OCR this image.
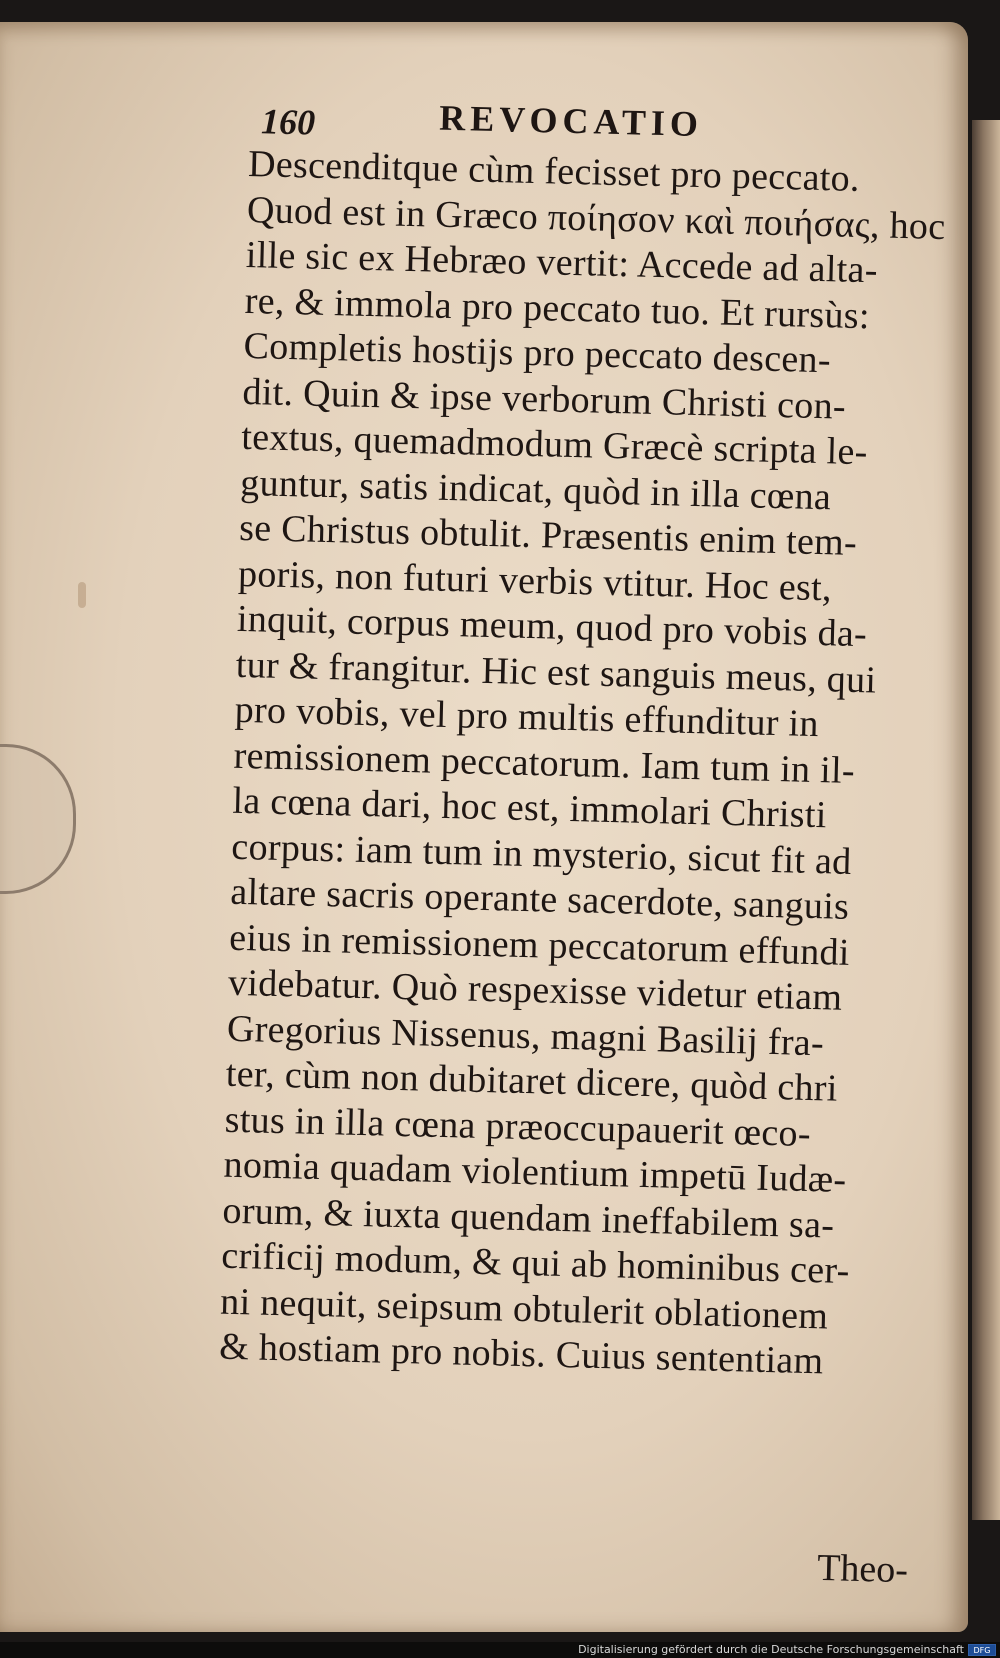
160	REVOCATIO
Descenditque cùm fecisset pro peccato.
Quod est in Græco ποίησον καὶ ποιήσας, hoc
ille sic ex Hebræo vertit: Accede ad alta-
re, & immola pro peccato tuo. Et rursùs:
Completis hostijs pro peccato descen-
dit. Quin & ipse verborum Christi con-
textus, quemadmodum Græcè scripta le-
guntur, satis indicat, quòd in illa cœna
se Christus obtulit. Præsentis enim tem-
poris, non futuri verbis vtitur. Hoc est,
inquit, corpus meum, quod pro vobis da-
tur & frangitur. Hic est sanguis meus, qui
pro vobis, vel pro multis effunditur in
remissionem peccatorum. Iam tum in il-
la cœna dari, hoc est, immolari Christi
corpus: iam tum in mysterio, sicut fit ad
altare sacris operante sacerdote, sanguis
eius in remissionem peccatorum effundi
videbatur. Quò respexisse videtur etiam
Gregorius Nissenus, magni Basilij fra-
ter, cùm non dubitaret dicere, quòd chri
stus in illa cœna præoccupauerit œco-
nomia quadam violentium impetū Iudæ-
orum, & iuxta quendam ineffabilem sa-
crificij modum, & qui ab hominibus cer-
ni nequit, seipsum obtulerit oblationem
& hostiam pro nobis. Cuius sententiam
Theo-
Digitalisierung gefördert durch die Deutsche Forschungsgemeinschaft	DFG
